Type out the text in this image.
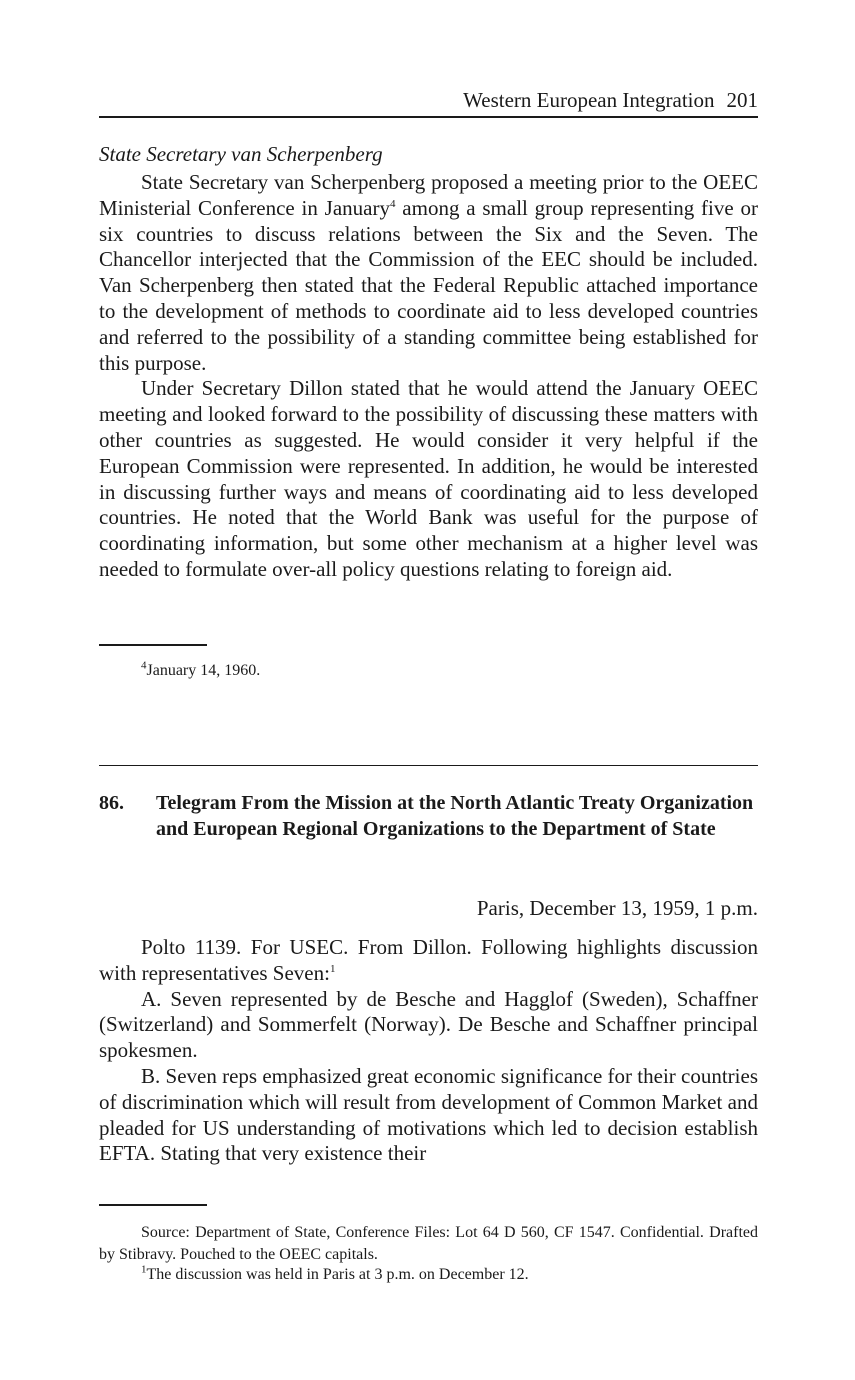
Western European Integration 201
State Secretary van Scherpenberg

State Secretary van Scherpenberg proposed a meeting prior to the OEEC Ministerial Conference in January$^4$ among a small group representing five or six countries to discuss relations between the Six and the Seven. The Chancellor interjected that the Commission of the EEC should be included. Van Scherpenberg then stated that the Federal Republic attached importance to the development of methods to coordinate aid to less developed countries and referred to the possibility of a standing committee being established for this purpose.

Under Secretary Dillon stated that he would attend the January OEEC meeting and looked forward to the possibility of discussing these matters with other countries as suggested. He would consider it very helpful if the European Commission were represented. In addition, he would be interested in discussing further ways and means of coordinating aid to less developed countries. He noted that the World Bank was useful for the purpose of coordinating information, but some other mechanism at a higher level was needed to formulate over-all policy questions relating to foreign aid.

$^4$January 14, 1960.
86. Telegram From the Mission at the North Atlantic Treaty Organization and European Regional Organizations to the Department of State
Paris, December 13, 1959, 1 p.m.

Polto 1139. For USEC. From Dillon. Following highlights discussion with representatives Seven:$^1$

A. Seven represented by de Besche and Hagglof (Sweden), Schaffner (Switzerland) and Sommerfelt (Norway). De Besche and Schaffner principal spokesmen.

B. Seven reps emphasized great economic significance for their countries of discrimination which will result from development of Common Market and pleaded for US understanding of motivations which led to decision establish EFTA. Stating that very existence their

Source: Department of State, Conference Files: Lot 64 D 560, CF 1547. Confidential. Drafted by Stibravy. Pouched to the OEEC capitals.
$^1$The discussion was held in Paris at 3 p.m. on December 12.
